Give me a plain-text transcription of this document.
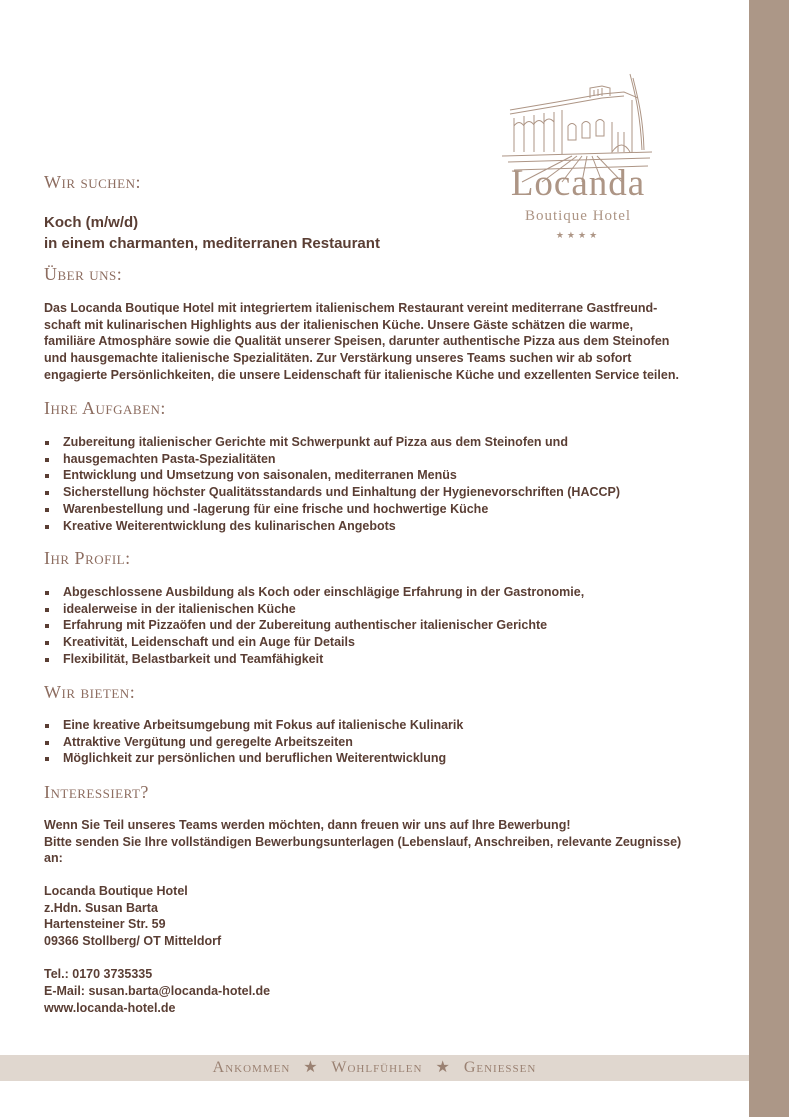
Locanda
Boutique Hotel
★★★★
Wir suchen:
Koch (m/w/d)
in einem charmanten, mediterranen Restaurant
Über uns:
Das Locanda Boutique Hotel mit integriertem italienischem Restaurant vereint mediterrane Gastfreund-
schaft mit kulinarischen Highlights aus der italienischen Küche. Unsere Gäste schätzen die warme,
familiäre Atmosphäre sowie die Qualität unserer Speisen, darunter authentische Pizza aus dem Steinofen
und hausgemachte italienische Spezialitäten. Zur Verstärkung unseres Teams suchen wir ab sofort
engagierte Persönlichkeiten, die unsere Leidenschaft für italienische Küche und exzellenten Service teilen.
Ihre Aufgaben:
Zubereitung italienischer Gerichte mit Schwerpunkt auf Pizza aus dem Steinofen und
hausgemachten Pasta-Spezialitäten
Entwicklung und Umsetzung von saisonalen, mediterranen Menüs
Sicherstellung höchster Qualitätsstandards und Einhaltung der Hygienevorschriften (HACCP)
Warenbestellung und -lagerung für eine frische und hochwertige Küche
Kreative Weiterentwicklung des kulinarischen Angebots
Ihr Profil:
Abgeschlossene Ausbildung als Koch oder einschlägige Erfahrung in der Gastronomie,
idealerweise in der italienischen Küche
Erfahrung mit Pizzaöfen und der Zubereitung authentischer italienischer Gerichte
Kreativität, Leidenschaft und ein Auge für Details
Flexibilität, Belastbarkeit und Teamfähigkeit
Wir bieten:
Eine kreative Arbeitsumgebung mit Fokus auf italienische Kulinarik
Attraktive Vergütung und geregelte Arbeitszeiten
Möglichkeit zur persönlichen und beruflichen Weiterentwicklung
Interessiert?
Wenn Sie Teil unseres Teams werden möchten, dann freuen wir uns auf Ihre Bewerbung!
Bitte senden Sie Ihre vollständigen Bewerbungsunterlagen (Lebenslauf, Anschreiben, relevante Zeugnisse)
an:
Locanda Boutique Hotel
z.Hdn. Susan Barta
Hartensteiner Str. 59
09366 Stollberg/ OT Mitteldorf
Tel.: 0170 3735335
E-Mail: susan.barta@locanda-hotel.de
www.locanda-hotel.de
Ankommen ★ Wohlfühlen ★ Geniessen
